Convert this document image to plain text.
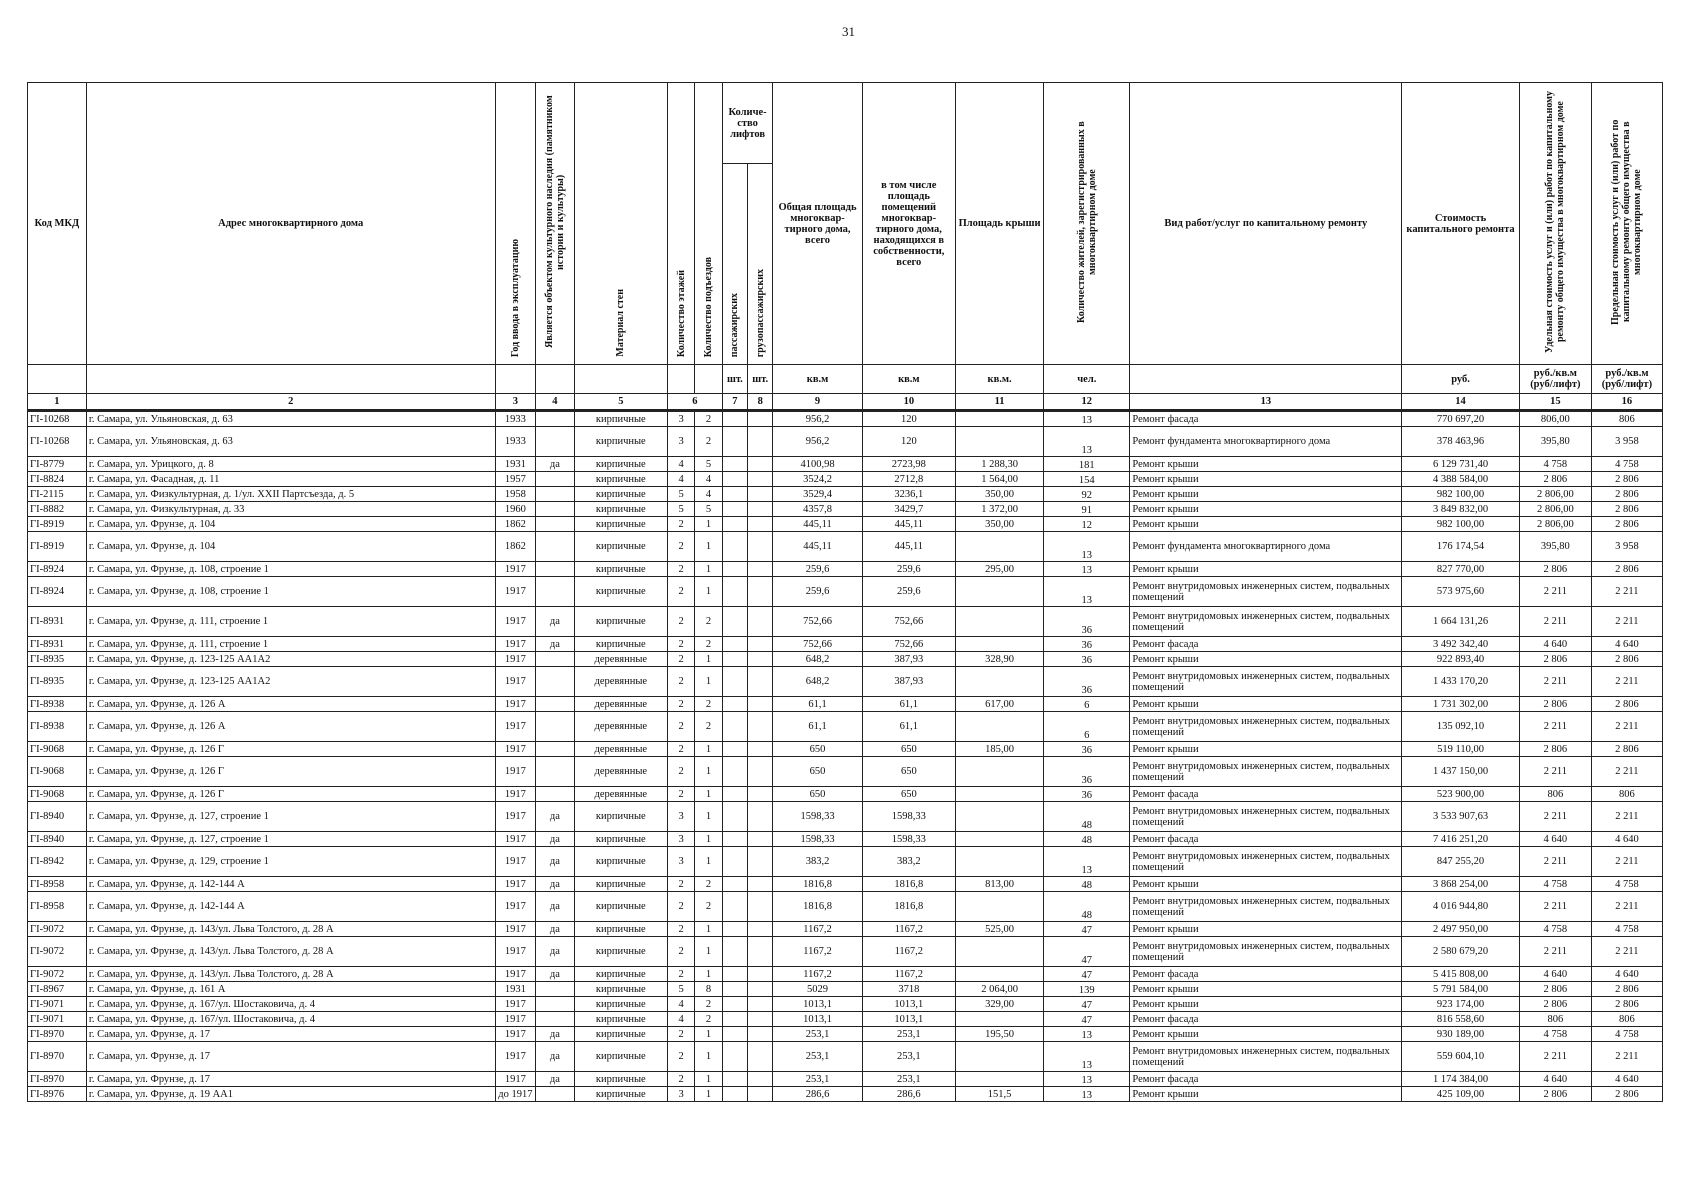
31
Код МКД	Адрес многоквартирного дома	Год ввода в эксплуатацию	Является объектом культурного наследия (памятником истории и культуры)	Материал стен	Количество этажей	Количество подъездов	Количе-ство лифтов		Общая площадь многоквар-тирного дома, всего	в том числе площадь помещений многоквар-тирного дома, находящихся в собственности, всего	Площадь крыши	Количество жителей, зарегистрированных в многоквартирном доме	Вид работ/услуг по капитальному ремонту	Стоимость капитального ремонта	Удельная стоимость услуг и (или) работ по капитальному ремонту общего имущества в многоквартирном доме	Предельная стоимость услуг и (или) работ по капитальному ремонту общего имущества в многоквартирном доме
							пассажирских	грузопассажирских								
							шт.	шт.	кв.м	кв.м	кв.м.	чел.		руб.	руб./кв.м (руб/лифт)	руб./кв.м (руб/лифт)

1	2	3	4	5	6		7	8	9	10	11	12	13	14	15	16
ГІ-10268	г. Самара, ул. Ульяновская, д. 63	1933		кирпичные	3	2			956,2	120		13	Ремонт фасада	770 697,20	806,00	806
ГІ-10268	г. Самара, ул. Ульяновская, д. 63	1933		кирпичные	3	2			956,2	120		13	Ремонт фундамента многоквартирного дома	378 463,96	395,80	3 958
ГІ-8779	г. Самара, ул. Урицкого, д. 8	1931	да	кирпичные	4	5			4100,98	2723,98	1 288,30	181	Ремонт крыши	6 129 731,40	4 758	4 758
ГІ-8824	г. Самара, ул. Фасадная, д. 11	1957		кирпичные	4	4			3524,2	2712,8	1 564,00	154	Ремонт крыши	4 388 584,00	2 806	2 806
ГІ-2115	г. Самара, ул. Физкультурная, д. 1/ул. XXII Партсъезда, д. 5	1958		кирпичные	5	4			3529,4	3236,1	350,00	92	Ремонт крыши	982 100,00	2 806,00	2 806
ГІ-8882	г. Самара, ул. Физкультурная, д. 33	1960		кирпичные	5	5			4357,8	3429,7	1 372,00	91	Ремонт крыши	3 849 832,00	2 806,00	2 806
ГІ-8919	г. Самара, ул. Фрунзе, д. 104	1862		кирпичные	2	1			445,11	445,11	350,00	12	Ремонт крыши	982 100,00	2 806,00	2 806
ГІ-8919	г. Самара, ул. Фрунзе, д. 104	1862		кирпичные	2	1			445,11	445,11		13	Ремонт фундамента многоквартирного дома	176 174,54	395,80	3 958
ГІ-8924	г. Самара, ул. Фрунзе, д. 108, строение 1	1917		кирпичные	2	1			259,6	259,6	295,00	13	Ремонт крыши	827 770,00	2 806	2 806
ГІ-8924	г. Самара, ул. Фрунзе, д. 108, строение 1	1917		кирпичные	2	1			259,6	259,6		13	Ремонт внутридомовых инженерных систем, подвальных помещений	573 975,60	2 211	2 211
ГІ-8931	г. Самара, ул. Фрунзе, д. 111, строение 1	1917	да	кирпичные	2	2			752,66	752,66		36	Ремонт внутридомовых инженерных систем, подвальных помещений	1 664 131,26	2 211	2 211
ГІ-8931	г. Самара, ул. Фрунзе, д. 111, строение 1	1917	да	кирпичные	2	2			752,66	752,66		36	Ремонт фасада	3 492 342,40	4 640	4 640
ГІ-8935	г. Самара, ул. Фрунзе, д. 123-125 АА1А2	1917		деревянные	2	1			648,2	387,93	328,90	36	Ремонт крыши	922 893,40	2 806	2 806
ГІ-8935	г. Самара, ул. Фрунзе, д. 123-125 АА1А2	1917		деревянные	2	1			648,2	387,93		36	Ремонт внутридомовых инженерных систем, подвальных помещений	1 433 170,20	2 211	2 211
ГІ-8938	г. Самара, ул. Фрунзе, д. 126 А	1917		деревянные	2	2			61,1	61,1	617,00	6	Ремонт крыши	1 731 302,00	2 806	2 806
ГІ-8938	г. Самара, ул. Фрунзе, д. 126 А	1917		деревянные	2	2			61,1	61,1		6	Ремонт внутридомовых инженерных систем, подвальных помещений	135 092,10	2 211	2 211
ГІ-9068	г. Самара, ул. Фрунзе, д. 126 Г	1917		деревянные	2	1			650	650	185,00	36	Ремонт крыши	519 110,00	2 806	2 806
ГІ-9068	г. Самара, ул. Фрунзе, д. 126 Г	1917		деревянные	2	1			650	650		36	Ремонт внутридомовых инженерных систем, подвальных помещений	1 437 150,00	2 211	2 211
ГІ-9068	г. Самара, ул. Фрунзе, д. 126 Г	1917		деревянные	2	1			650	650		36	Ремонт фасада	523 900,00	806	806
ГІ-8940	г. Самара, ул. Фрунзе, д. 127, строение 1	1917	да	кирпичные	3	1			1598,33	1598,33		48	Ремонт внутридомовых инженерных систем, подвальных помещений	3 533 907,63	2 211	2 211
ГІ-8940	г. Самара, ул. Фрунзе, д. 127, строение 1	1917	да	кирпичные	3	1			1598,33	1598,33		48	Ремонт фасада	7 416 251,20	4 640	4 640
ГІ-8942	г. Самара, ул. Фрунзе, д. 129, строение 1	1917	да	кирпичные	3	1			383,2	383,2		13	Ремонт внутридомовых инженерных систем, подвальных помещений	847 255,20	2 211	2 211
ГІ-8958	г. Самара, ул. Фрунзе, д. 142-144 А	1917	да	кирпичные	2	2			1816,8	1816,8	813,00	48	Ремонт крыши	3 868 254,00	4 758	4 758
ГІ-8958	г. Самара, ул. Фрунзе, д. 142-144 А	1917	да	кирпичные	2	2			1816,8	1816,8		48	Ремонт внутридомовых инженерных систем, подвальных помещений	4 016 944,80	2 211	2 211
ГІ-9072	г. Самара, ул. Фрунзе, д. 143/ул. Льва Толстого, д. 28 А	1917	да	кирпичные	2	1			1167,2	1167,2	525,00	47	Ремонт крыши	2 497 950,00	4 758	4 758
ГІ-9072	г. Самара, ул. Фрунзе, д. 143/ул. Льва Толстого, д. 28 А	1917	да	кирпичные	2	1			1167,2	1167,2		47	Ремонт внутридомовых инженерных систем, подвальных помещений	2 580 679,20	2 211	2 211
ГІ-9072	г. Самара, ул. Фрунзе, д. 143/ул. Льва Толстого, д. 28 А	1917	да	кирпичные	2	1			1167,2	1167,2		47	Ремонт фасада	5 415 808,00	4 640	4 640
ГІ-8967	г. Самара, ул. Фрунзе, д. 161 А	1931		кирпичные	5	8			5029	3718	2 064,00	139	Ремонт крыши	5 791 584,00	2 806	2 806
ГІ-9071	г. Самара, ул. Фрунзе, д. 167/ул. Шостаковича, д. 4	1917		кирпичные	4	2			1013,1	1013,1	329,00	47	Ремонт крыши	923 174,00	2 806	2 806
ГІ-9071	г. Самара, ул. Фрунзе, д. 167/ул. Шостаковича, д. 4	1917		кирпичные	4	2			1013,1	1013,1		47	Ремонт фасада	816 558,60	806	806
ГІ-8970	г. Самара, ул. Фрунзе, д. 17	1917	да	кирпичные	2	1			253,1	253,1	195,50	13	Ремонт крыши	930 189,00	4 758	4 758
ГІ-8970	г. Самара, ул. Фрунзе, д. 17	1917	да	кирпичные	2	1			253,1	253,1		13	Ремонт внутридомовых инженерных систем, подвальных помещений	559 604,10	2 211	2 211
ГІ-8970	г. Самара, ул. Фрунзе, д. 17	1917	да	кирпичные	2	1			253,1	253,1		13	Ремонт фасада	1 174 384,00	4 640	4 640
ГІ-8976	г. Самара, ул. Фрунзе, д. 19 АА1	до 1917		кирпичные	3	1			286,6	286,6	151,5	13	Ремонт крыши	425 109,00	2 806	2 806
